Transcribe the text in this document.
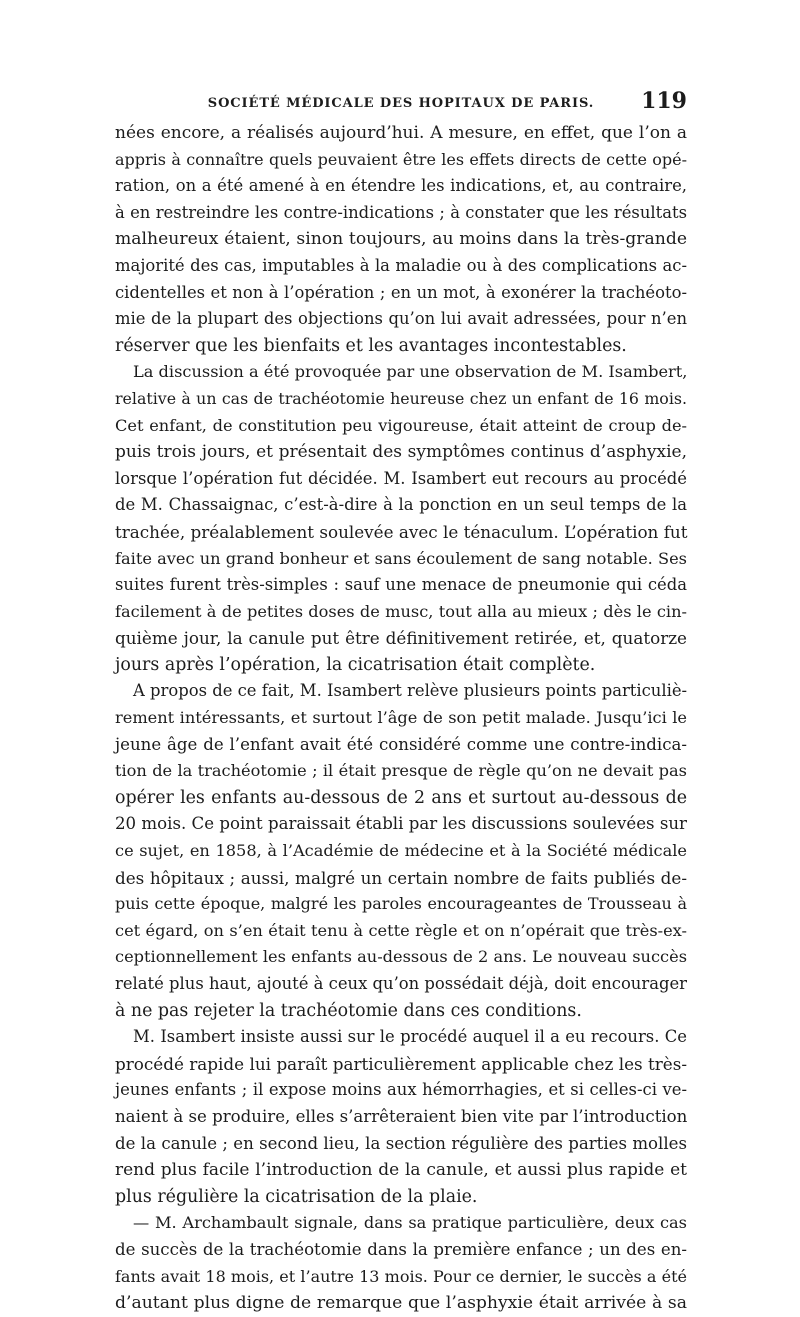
SOCIÉTÉ MÉDICALE DES HOPITAUX DE PARIS.	119
nées encore, a réalisés aujourd’hui. A mesure, en effet, que l’on a
appris à connaître quels peuvaient être les effets directs de cette opé-
ration, on a été amené à en étendre les indications, et, au contraire,
à en restreindre les contre-indications ; à constater que les résultats
malheureux étaient, sinon toujours, au moins dans la très-grande
majorité des cas, imputables à la maladie ou à des complications ac-
cidentelles et non à l’opération ; en un mot, à exonérer la trachéoto-
mie de la plupart des objections qu’on lui avait adressées, pour n’en
réserver que les bienfaits et les avantages incontestables.
La discussion a été provoquée par une observation de M. Isambert,
relative à un cas de trachéotomie heureuse chez un enfant de 16 mois.
Cet enfant, de constitution peu vigoureuse, était atteint de croup de-
puis trois jours, et présentait des symptômes continus d’asphyxie,
lorsque l’opération fut décidée. M. Isambert eut recours au procédé
de M. Chassaignac, c’est-à-dire à la ponction en un seul temps de la
trachée, préalablement soulevée avec le ténaculum. L’opération fut
faite avec un grand bonheur et sans écoulement de sang notable. Ses
suites furent très-simples : sauf une menace de pneumonie qui céda
facilement à de petites doses de musc, tout alla au mieux ; dès le cin-
quième jour, la canule put être définitivement retirée, et, quatorze
jours après l’opération, la cicatrisation était complète.
A propos de ce fait, M. Isambert relève plusieurs points particuliè-
rement intéressants, et surtout l’âge de son petit malade. Jusqu’ici le
jeune âge de l’enfant avait été considéré comme une contre-indica-
tion de la trachéotomie ; il était presque de règle qu’on ne devait pas
opérer les enfants au-dessous de 2 ans et surtout au-dessous de
20 mois. Ce point paraissait établi par les discussions soulevées sur
ce sujet, en 1858, à l’Académie de médecine et à la Société médicale
des hôpitaux ; aussi, malgré un certain nombre de faits publiés de-
puis cette époque, malgré les paroles encourageantes de Trousseau à
cet égard, on s’en était tenu à cette règle et on n’opérait que très-ex-
ceptionnellement les enfants au-dessous de 2 ans. Le nouveau succès
relaté plus haut, ajouté à ceux qu’on possédait déjà, doit encourager
à ne pas rejeter la trachéotomie dans ces conditions.
M. Isambert insiste aussi sur le procédé auquel il a eu recours. Ce
procédé rapide lui paraît particulièrement applicable chez les très-
jeunes enfants ; il expose moins aux hémorrhagies, et si celles-ci ve-
naient à se produire, elles s’arrêteraient bien vite par l’introduction
de la canule ; en second lieu, la section régulière des parties molles
rend plus facile l’introduction de la canule, et aussi plus rapide et
plus régulière la cicatrisation de la plaie.
— M. Archambault signale, dans sa pratique particulière, deux cas
de succès de la trachéotomie dans la première enfance ; un des en-
fants avait 18 mois, et l’autre 13 mois. Pour ce dernier, le succès a été
d’autant plus digne de remarque que l’asphyxie était arrivée à sa
